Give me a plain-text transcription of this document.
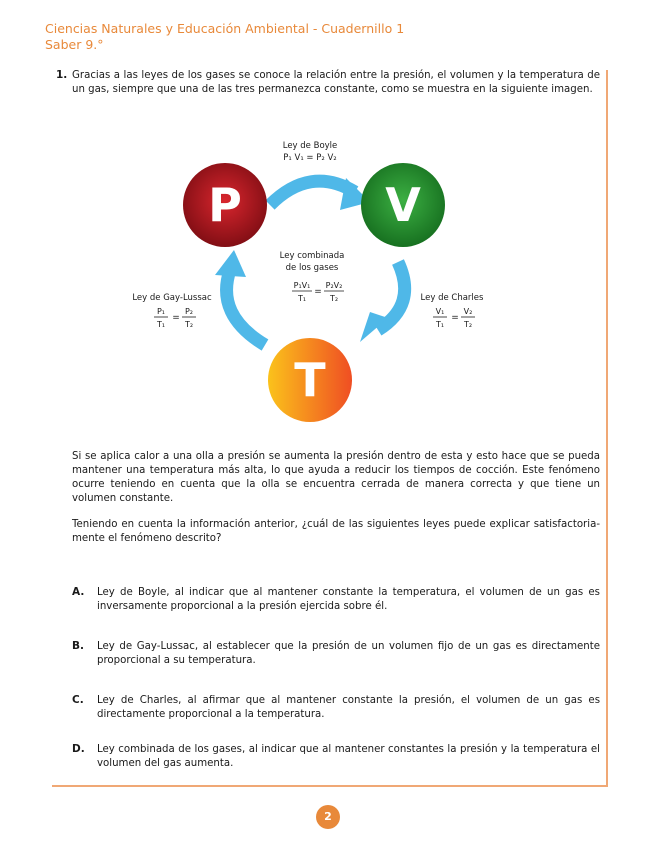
Ciencias Naturales y Educación Ambiental - Cuadernillo 1
Saber 9.°
1. Gracias a las leyes de los gases se conoce la relación entre la presión, el volumen y la temperatura de un gas, siempre que una de las tres permanezca constante, como se muestra en la siguiente imagen.
P	V
T
Ley de Boyle
P₁ V₁ = P₂ V₂
Ley combinada
de los gases
P₁V₁
T₁
=
P₂V₂
T₂
Ley de Gay-Lussac
P₁
T₁
=
P₂
T₂
Ley de Charles
V₁
T₁
=
V₂
T₂
Si se aplica calor a una olla a presión se aumenta la presión dentro de esta y esto hace que se pueda mantener una temperatura más alta, lo que ayuda a reducir los tiempos de cocción. Este fenómeno ocurre teniendo en cuenta que la olla se encuentra cerrada de manera correcta y que tiene un volumen constante.
Teniendo en cuenta la información anterior, ¿cuál de las siguientes leyes puede explicar satisfactoria-mente el fenómeno descrito?
A. Ley de Boyle, al indicar que al mantener constante la temperatura, el volumen de un gas es inversamente proporcional a la presión ejercida sobre él.
B. Ley de Gay-Lussac, al establecer que la presión de un volumen fijo de un gas es directamente proporcional a su temperatura.
C. Ley de Charles, al afirmar que al mantener constante la presión, el volumen de un gas es directamente proporcional a la temperatura.
D. Ley combinada de los gases, al indicar que al mantener constantes la presión y la temperatura el volumen del gas aumenta.
2
